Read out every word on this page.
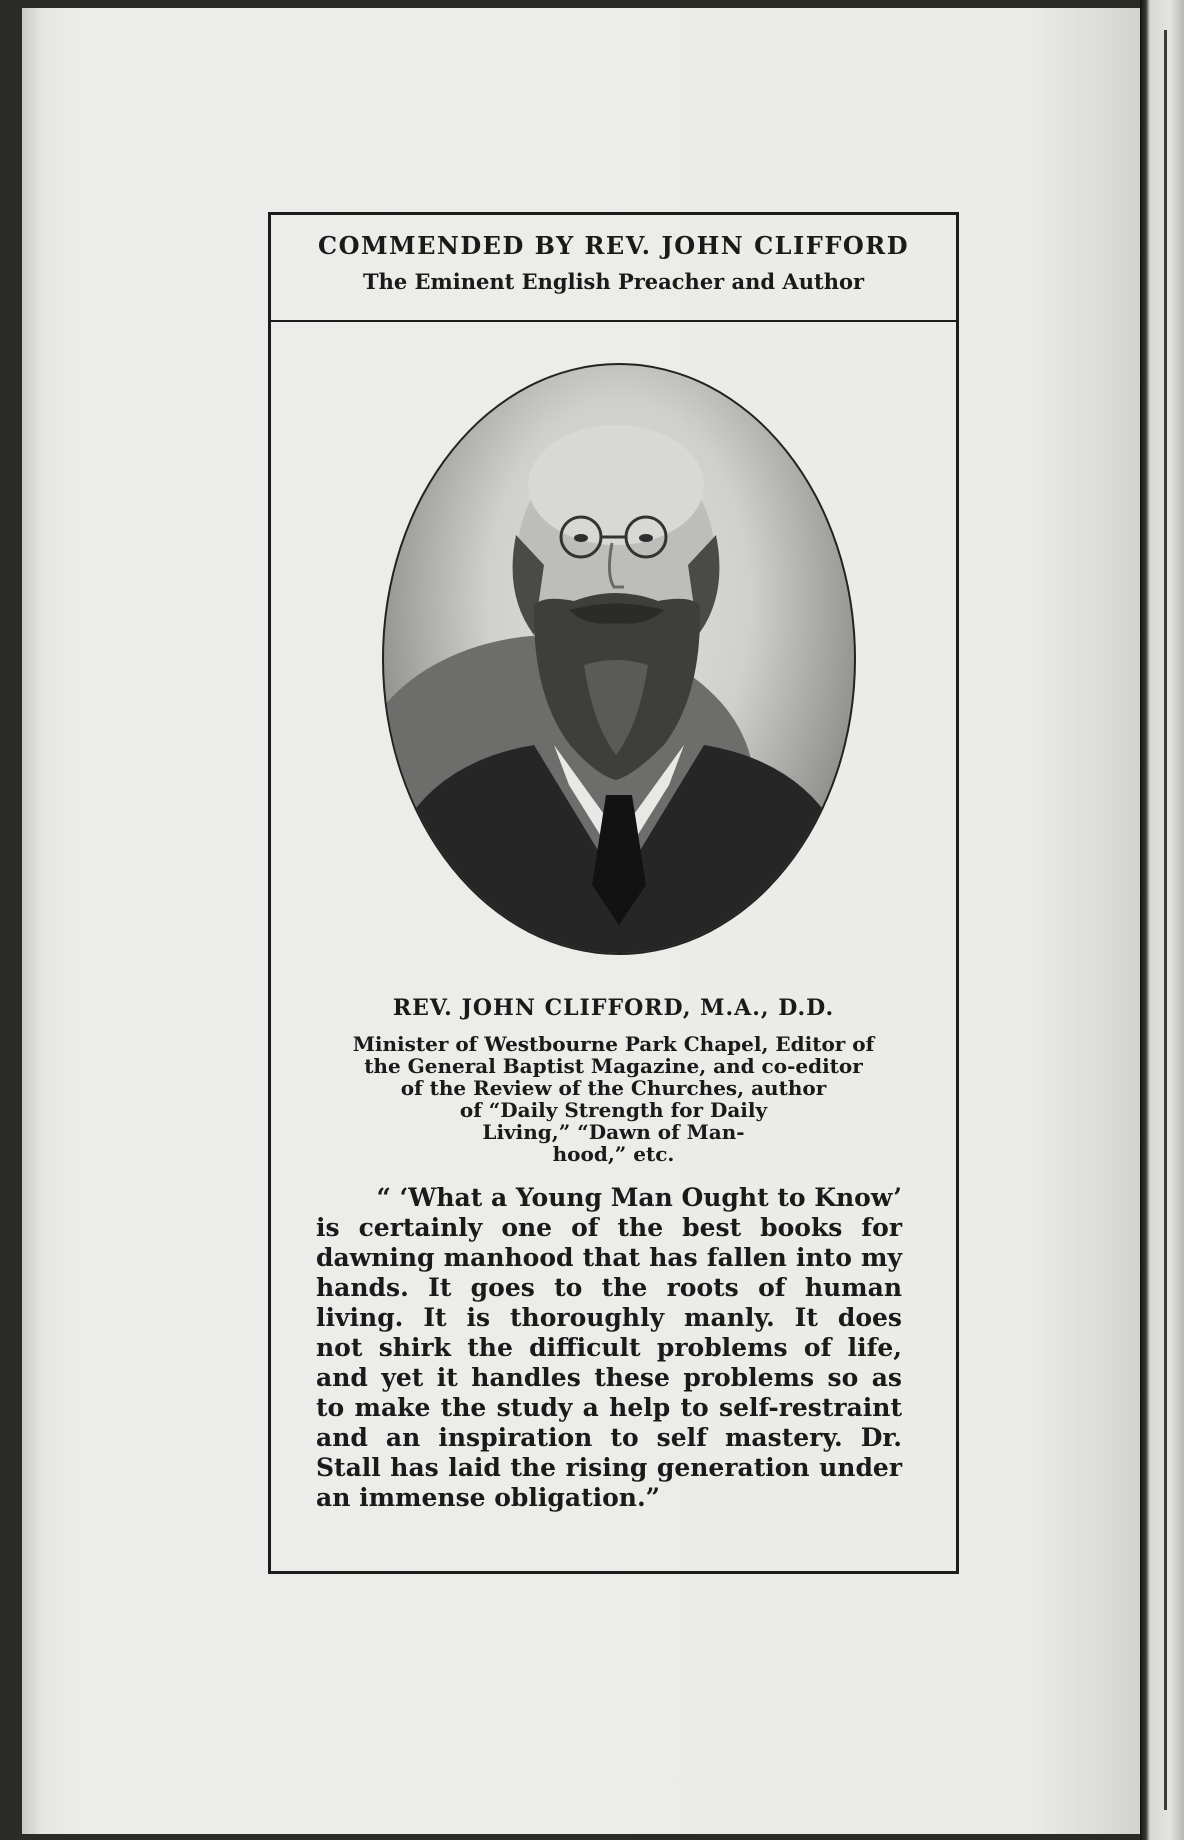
COMMENDED BY REV. JOHN CLIFFORD
The Eminent English Preacher and Author
REV. JOHN CLIFFORD, M.A., D.D.
Minister of Westbourne Park Chapel, Editor of
the General Baptist Magazine, and co-editor
of the Review of the Churches, author
of “Daily Strength for Daily
Living,” “Dawn of Man-
hood,” etc.
“ ‘What a Young Man Ought to Know’
is certainly one of the best books for
dawning manhood that has fallen into my
hands. It goes to the roots of human
living. It is thoroughly manly. It does
not shirk the difficult problems of life,
and yet it handles these problems so as
to make the study a help to self-restraint
and an inspiration to self mastery. Dr.
Stall has laid the rising generation under
an immense obligation.”
